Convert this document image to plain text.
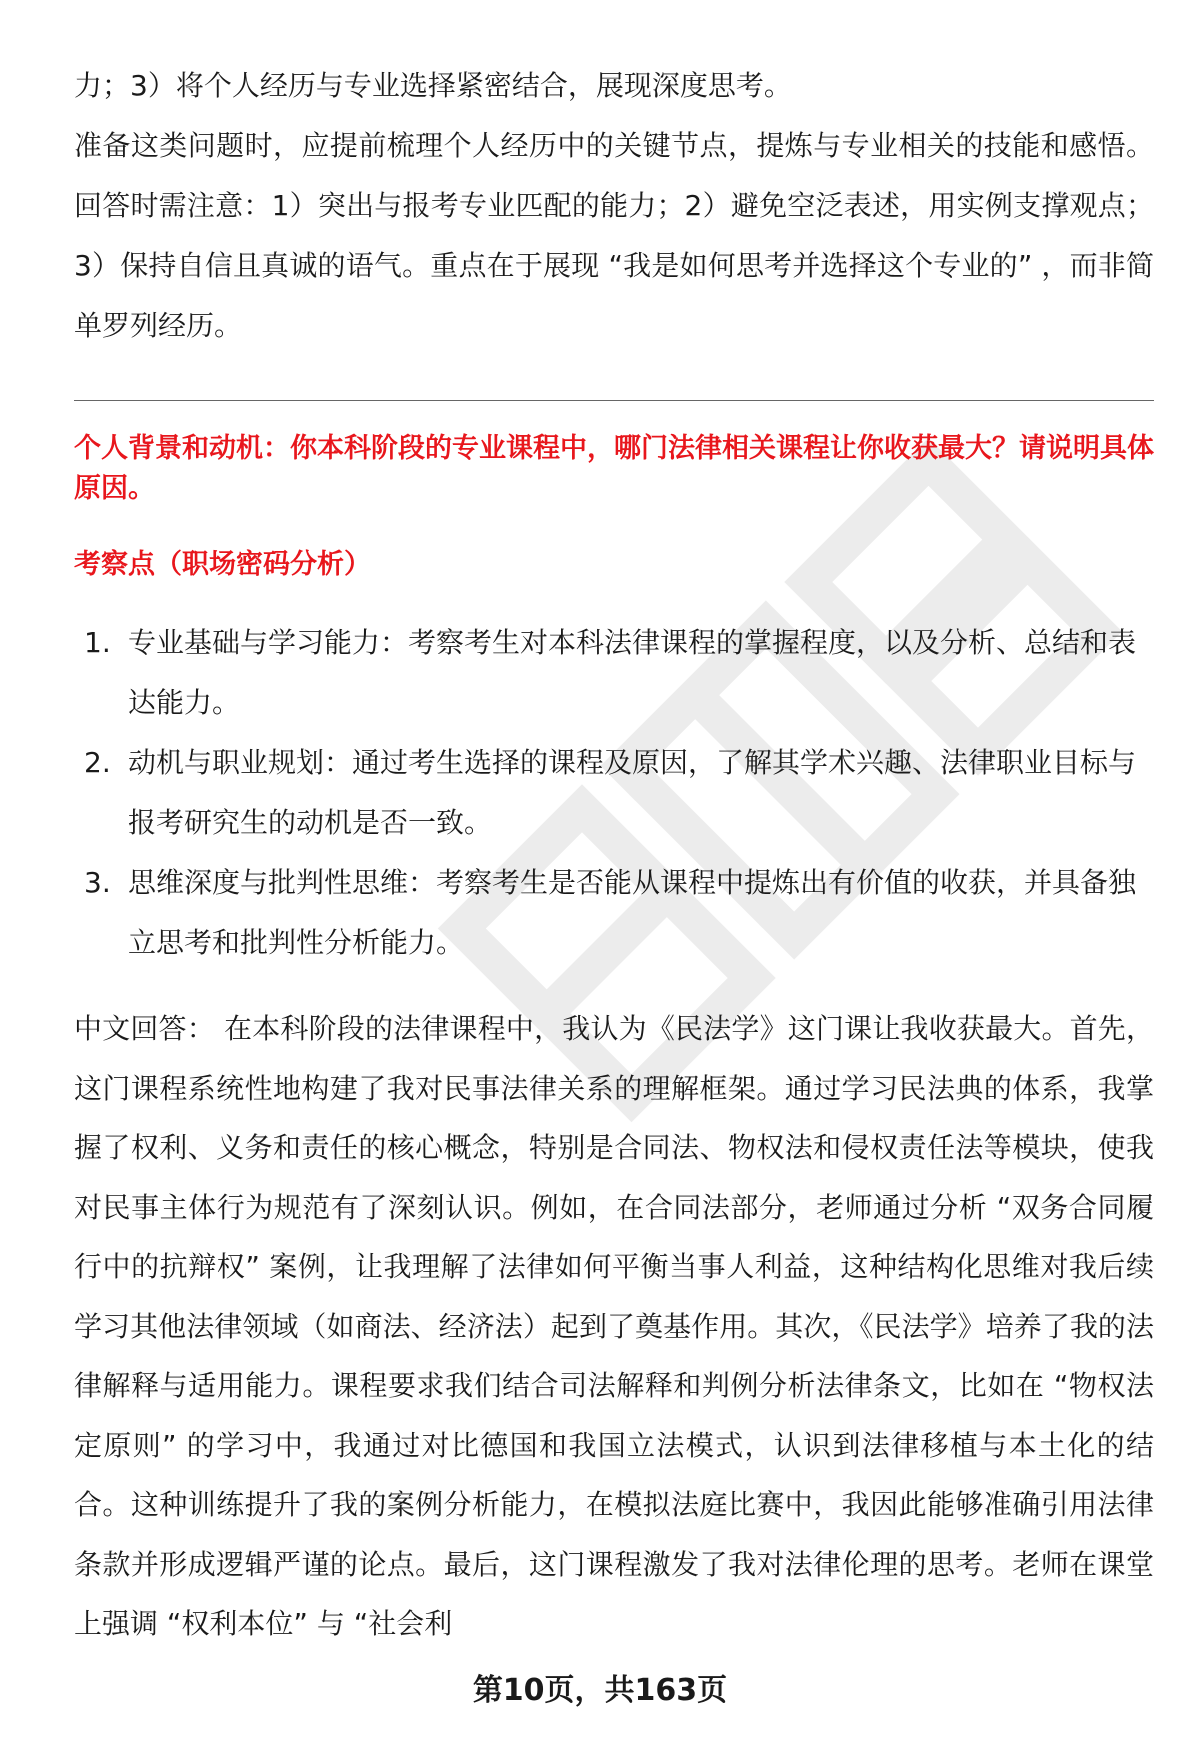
力；3）将个人经历与专业选择紧密结合，展现深度思考。

准备这类问题时，应提前梳理个人经历中的关键节点，提炼与专业相关的技能和感悟。回答时需注意：1）突出与报考专业匹配的能力；2）避免空泛表述，用实例支撑观点；3）保持自信且真诚的语气。重点在于展现 “我是如何思考并选择这个专业的” ，而非简单罗列经历。

个人背景和动机：你本科阶段的专业课程中，哪门法律相关课程让你收获最大？请说明具体原因。

考察点（职场密码分析）

1. 专业基础与学习能力：考察考生对本科法律课程的掌握程度，以及分析、总结和表达能力。
2. 动机与职业规划：通过考生选择的课程及原因，了解其学术兴趣、法律职业目标与报考研究生的动机是否一致。
3. 思维深度与批判性思维：考察考生是否能从课程中提炼出有价值的收获，并具备独立思考和批判性分析能力。

中文回答： 在本科阶段的法律课程中，我认为《民法学》这门课让我收获最大。首先，这门课程系统性地构建了我对民事法律关系的理解框架。通过学习民法典的体系，我掌握了权利、义务和责任的核心概念，特别是合同法、物权法和侵权责任法等模块，使我对民事主体行为规范有了深刻认识。例如，在合同法部分，老师通过分析 “双务合同履行中的抗辩权” 案例，让我理解了法律如何平衡当事人利益，这种结构化思维对我后续学习其他法律领域（如商法、经济法）起到了奠基作用。其次，《民法学》培养了我的法律解释与适用能力。课程要求我们结合司法解释和判例分析法律条文，比如在 “物权法定原则” 的学习中，我通过对比德国和我国立法模式，认识到法律移植与本土化的结合。这种训练提升了我的案例分析能力，在模拟法庭比赛中，我因此能够准确引用法律条款并形成逻辑严谨的论点。最后，这门课程激发了我对法律伦理的思考。老师在课堂上强调 “权利本位” 与 “社会利

第10页，共163页
